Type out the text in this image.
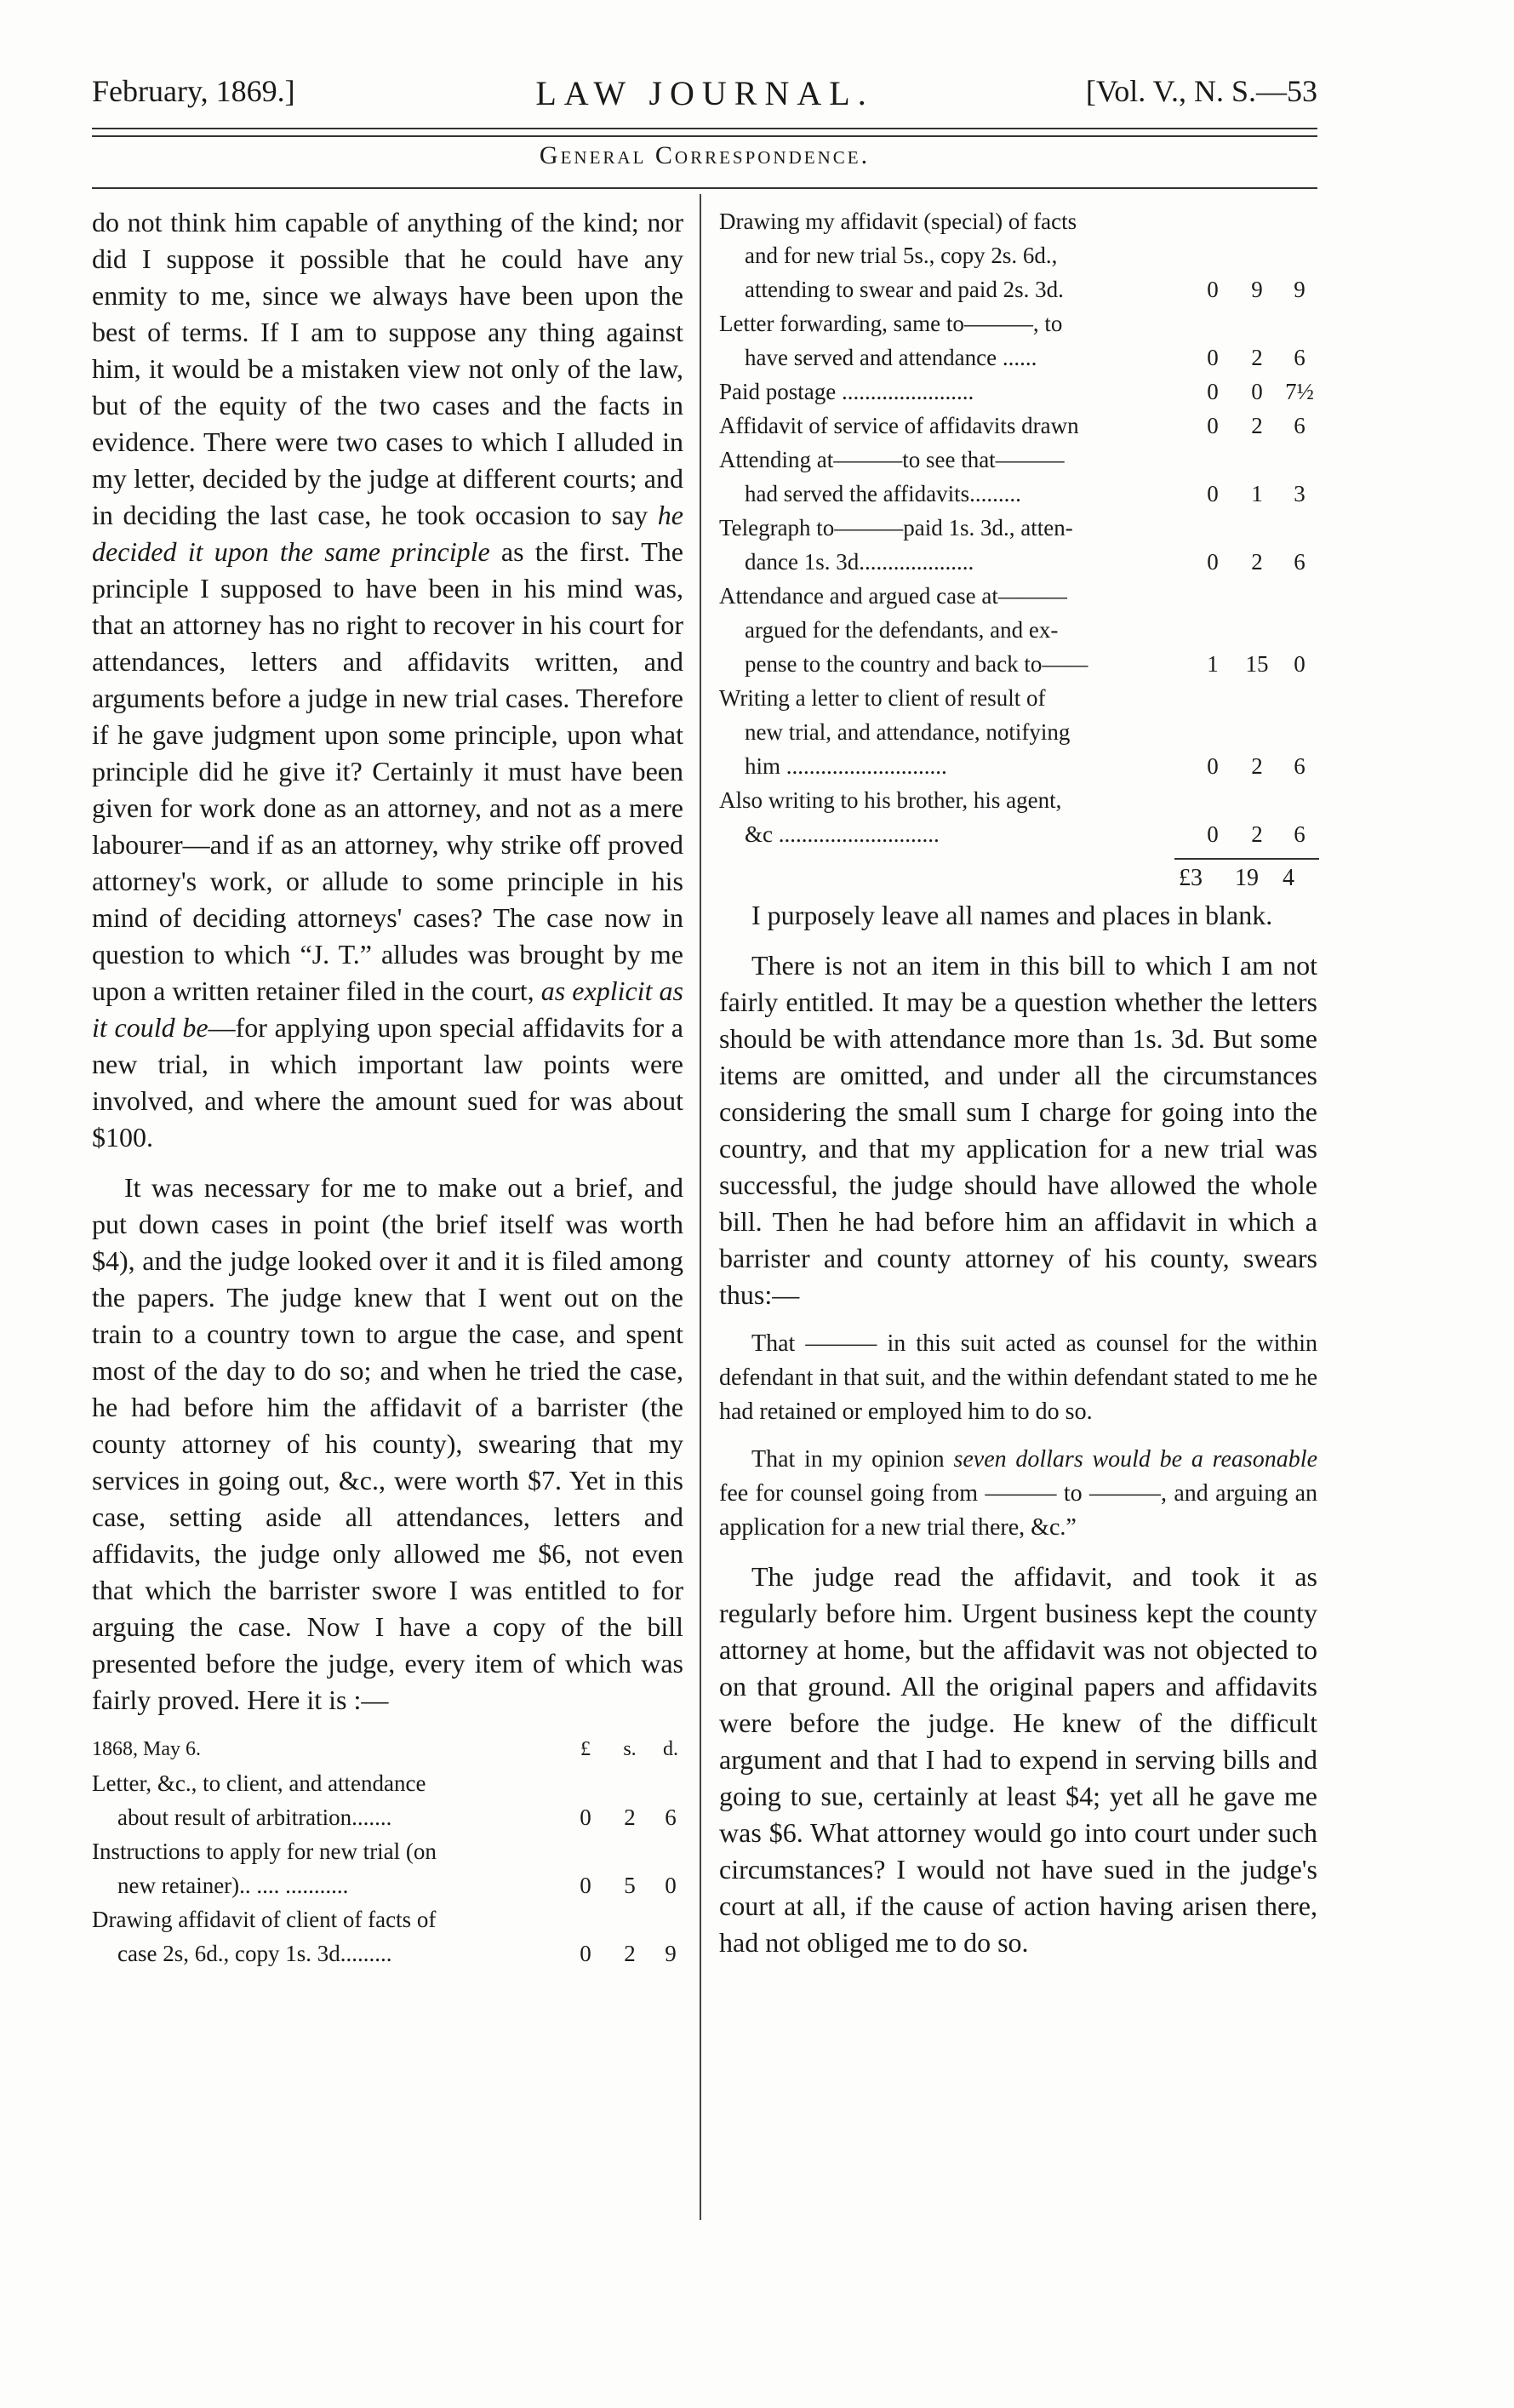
February, 1869.]	LAW JOURNAL.	[Vol. V., N. S.—53
General Correspondence.

do not think him capable of anything of the kind; nor did I suppose it possible that he could have any enmity to me, since we always have been upon the best of terms. If I am to suppose any thing against him, it would be a mistaken view not only of the law, but of the equity of the two cases and the facts in evidence. There were two cases to which I alluded in my letter, decided by the judge at different courts; and in deciding the last case, he took occasion to say he decided it upon the same principle as the first. The principle I supposed to have been in his mind was, that an attorney has no right to recover in his court for attendances, letters and affidavits written, and arguments before a judge in new trial cases. Therefore if he gave judgment upon some principle, upon what principle did he give it? Certainly it must have been given for work done as an attorney, and not as a mere labourer—and if as an attorney, why strike off proved attorney's work, or allude to some principle in his mind of deciding attorneys' cases? The case now in question to which “J. T.” alludes was brought by me upon a written retainer filed in the court, as explicit as it could be—for applying upon special affidavits for a new trial, in which important law points were involved, and where the amount sued for was about $100.

It was necessary for me to make out a brief, and put down cases in point (the brief itself was worth $4), and the judge looked over it and it is filed among the papers. The judge knew that I went out on the train to a country town to argue the case, and spent most of the day to do so; and when he tried the case, he had before him the affidavit of a barrister (the county attorney of his county), swearing that my services in going out, &c., were worth $7. Yet in this case, setting aside all attendances, letters and affidavits, the judge only allowed me $6, not even that which the barrister swore I was entitled to for arguing the case. Now I have a copy of the bill presented before the judge, every item of which was fairly proved. Here it is :—

1868, May 6.	£	s.	d.
Letter, &c., to client, and attendance
about result of arbitration.......	0	2	6
Instructions to apply for new trial (on
new retainer).. .... ...........	0	5	0
Drawing affidavit of client of facts of
case 2s, 6d., copy 1s. 3d.........	0	2	9
Drawing my affidavit (special) of facts
and for new trial 5s., copy 2s. 6d.,
attending to swear and paid 2s. 3d.	0	9	9
Letter forwarding, same to———, to
have served and attendance ......	0	2	6
Paid postage .......................	0	0 7½
Affidavit of service of affidavits drawn	0	2	6
Attending at———to see that———
had served the affidavits.........	0	1	3
Telegraph to———paid 1s. 3d., atten-
dance 1s. 3d....................	0	2	6
Attendance and argued case at———
argued for the defendants, and ex-
pense to the country and back to——	1	15	0
Writing a letter to client of result of
new trial, and attendance, notifying
him ............................	0	2	6
Also writing to his brother, his agent,
&c ............................	0	2	6
£3 19 4

I purposely leave all names and places in blank.

There is not an item in this bill to which I am not fairly entitled. It may be a question whether the letters should be with attendance more than 1s. 3d. But some items are omitted, and under all the circumstances considering the small sum I charge for going into the country, and that my application for a new trial was successful, the judge should have allowed the whole bill. Then he had before him an affidavit in which a barrister and county attorney of his county, swears thus:—

That ——— in this suit acted as counsel for the within defendant in that suit, and the within defendant stated to me he had retained or employed him to do so.

That in my opinion seven dollars would be a reasonable fee for counsel going from ——— to ———, and arguing an application for a new trial there, &c.”

The judge read the affidavit, and took it as regularly before him. Urgent business kept the county attorney at home, but the affidavit was not objected to on that ground. All the original papers and affidavits were before the judge. He knew of the difficult argument and that I had to expend in serving bills and going to sue, certainly at least $4; yet all he gave me was $6. What attorney would go into court under such circumstances? I would not have sued in the judge's court at all, if the cause of action having arisen there, had not obliged me to do so.
